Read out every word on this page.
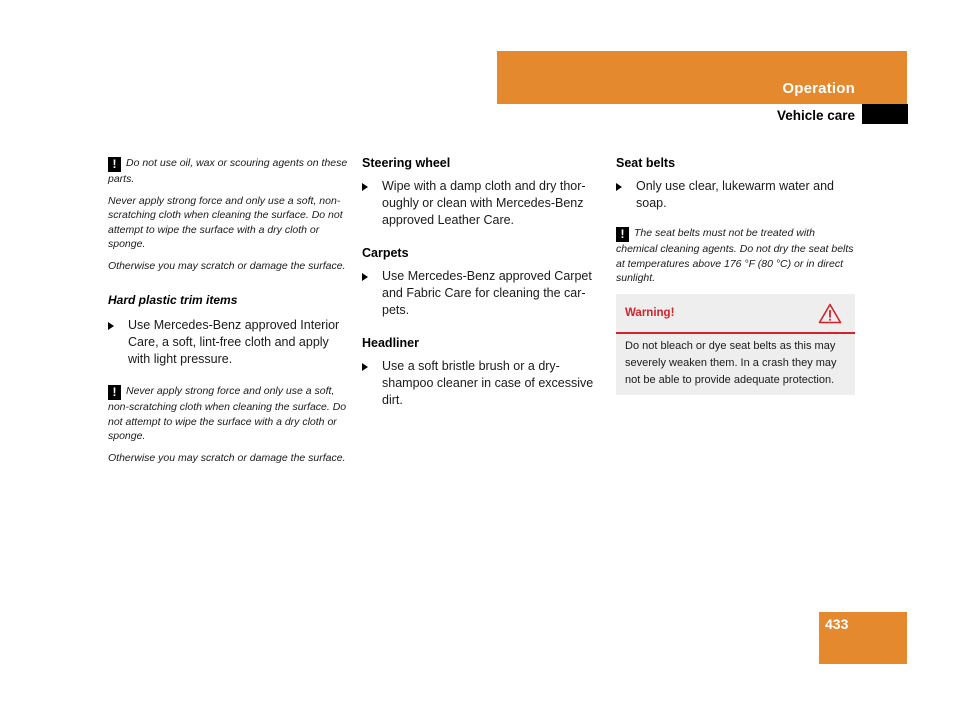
Operation
Vehicle care

! Do not use oil, wax or scouring agents on these parts.

Never apply strong force and only use a soft, non-scratching cloth when cleaning the surface. Do not attempt to wipe the surface with a dry cloth or sponge.

Otherwise you may scratch or damage the surface.

Hard plastic trim items

Use Mercedes-Benz approved Interior Care, a soft, lint-free cloth and apply with light pressure.

! Never apply strong force and only use a soft, non-scratching cloth when cleaning the surface. Do not attempt to wipe the surface with a dry cloth or sponge.

Otherwise you may scratch or damage the surface.

Steering wheel

Wipe with a damp cloth and dry thor- oughly or clean with Mercedes-Benz approved Leather Care.

Carpets

Use Mercedes-Benz approved Carpet and Fabric Care for cleaning the car- pets.

Headliner

Use a soft bristle brush or a dry-shampoo cleaner in case of excessive dirt.

Seat belts

Only use clear, lukewarm water and soap.

! The seat belts must not be treated with chemical cleaning agents. Do not dry the seat belts at temperatures above 176 °F (80 °C) or in direct sunlight.

Warning!
Do not bleach or dye seat belts as this may severely weaken them. In a crash they may not be able to provide adequate protection.
433
